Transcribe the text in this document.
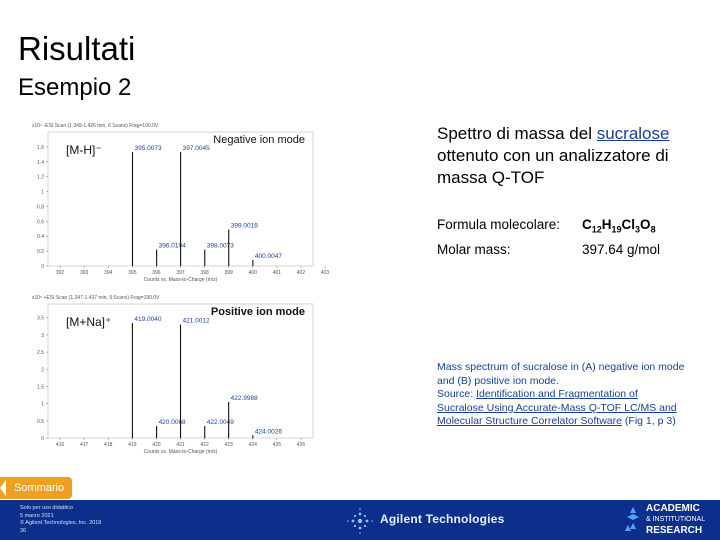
Risultati
Esempio 2
x10⁴ -ESI Scan (1.349-1.426 min, 6 Scans) Frag=190.0V
0
0.2
0.4
0.6
0.8
1
1.2
1.4
1.6
392	393	394	395	396	397	398	399	400	401	402	403
Counts vs. Mass-to-Charge (m/z)
Negative ion mode
[M-H]⁻	395.0073	397.0045
396.0104	398.0073
399.0018
400.0047
x10⁵ +ESI Scan (1.347-1.437 min, 9 Scans) Frag=190.0V
0
0.5
1
1.5
2
2.5
3
3.5
416	417	418	419	420	421	422	423	424	425	426
Counts vs. Mass-to-Charge (m/z)
Positive ion mode
[M+Na]⁺	419.0040	421.0012
420.0068	422.0049
422.9988
424.0026
Spettro di massa del sucralose ottenuto con un analizzatore di massa Q-TOF
Formula molecolare:	$C_{12}H_{19}Cl_3O_8$
Molar mass:	397.64 g/mol
Mass spectrum of sucralose in (A) negative ion mode and (B) positive ion mode.
Source: Identification and Fragmentation of Sucralose Using Accurate-Mass Q-TOF LC/MS and Molecular Structure Correlator Software (Fig 1, p 3)
Sommario
Solo per uso didattico
5 marzo 2021
© Agilent Technologies, Inc. 2018
36
Agilent Technologies
ACADEMIC
& INSTITUTIONAL
RESEARCH
